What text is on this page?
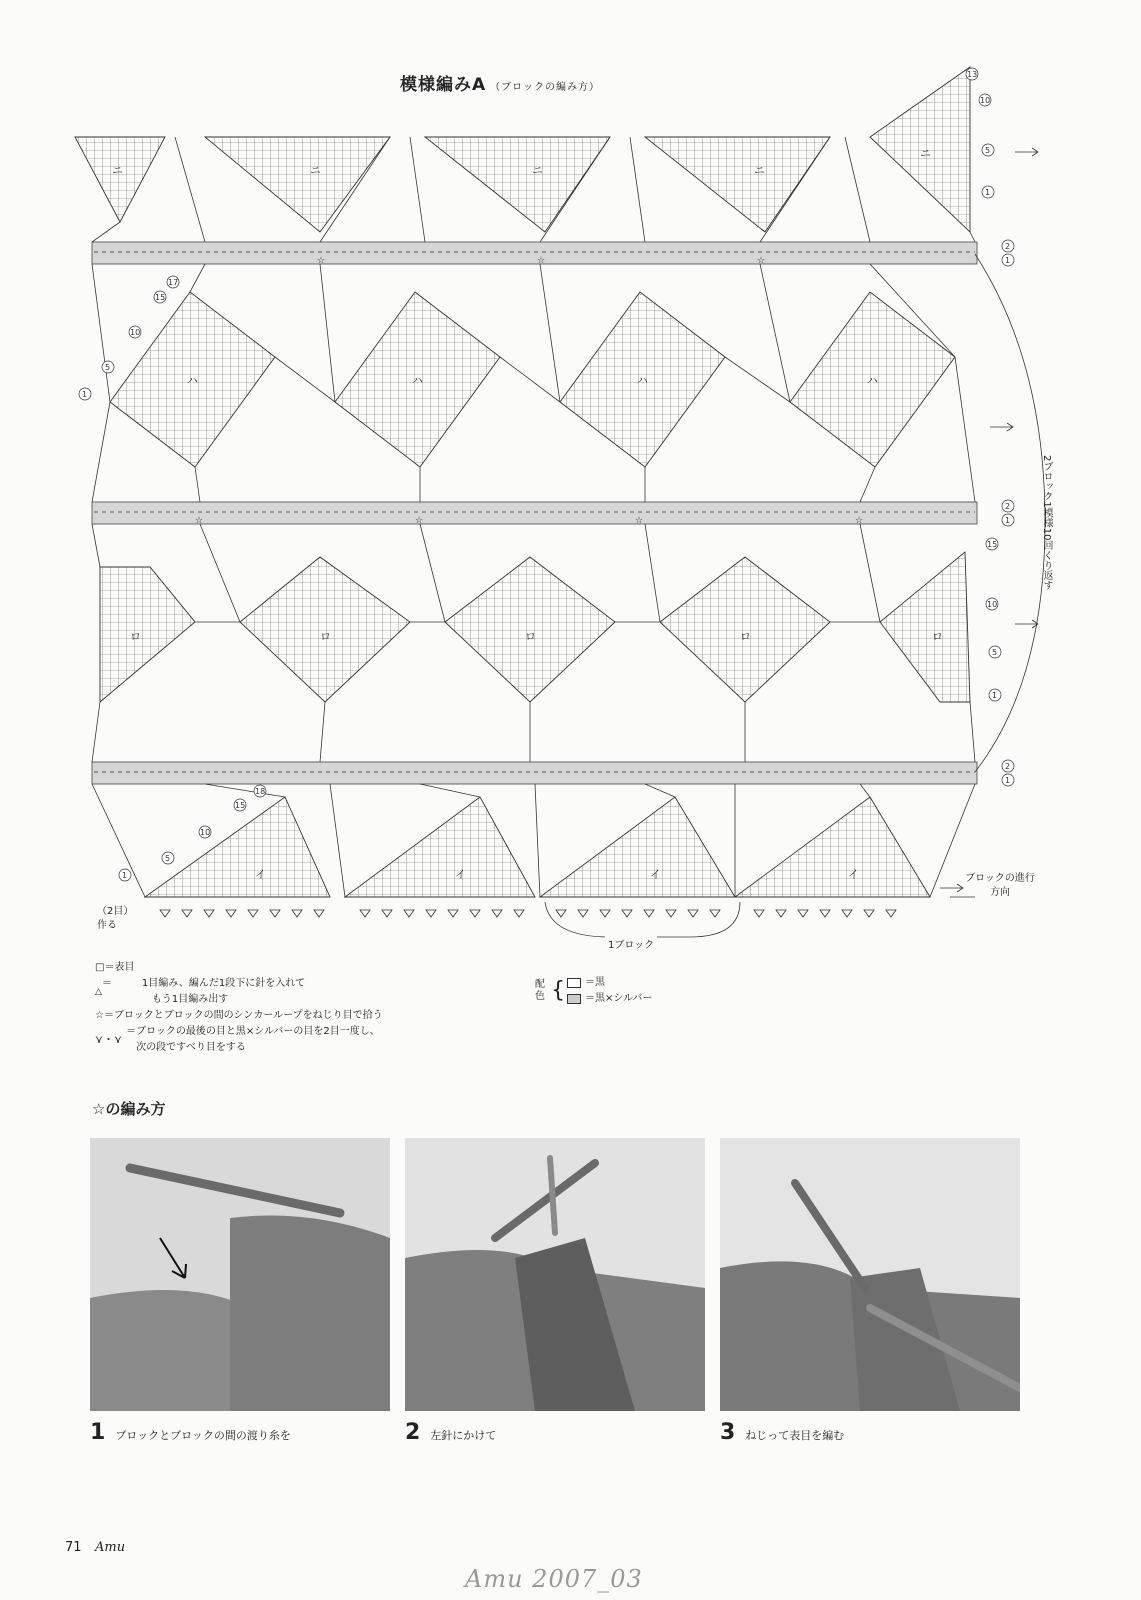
模様編みA （ブロックの編み方）
ニ	ニ	ニ	ニ
ニ
☆	☆	☆
☆	☆	☆	☆
ハ	ハ	ハ	ハ
ロ	ロ	ロ	ロ	ロ
イ	イ	イ	イ
13
10
5
1
2
1
17
15
10
5
1
2
1
15
10
5
1
2
1
18
15
10
5
1
2ブロック1模様10回くり返す
ブロックの進行方向
（2目）作る
1ブロック
□＝表目
△
＝　　　1目編み、編んだ1段下に針を入れて
　　　　　もう1目編み出す
☆＝ブロックとブロックの間のシンカーループをねじり目で拾う
⋎・⋎
＝ブロックの最後の目と黒×シルバーの目を2目一度し、
　次の段ですべり目をする
配色 { ＝黒
＝黒×シルバー
☆の編み方
1 ブロックとブロックの間の渡り糸を	2 左針にかけて	3 ねじって表目を編む
71 Amu
Amu 2007_03
